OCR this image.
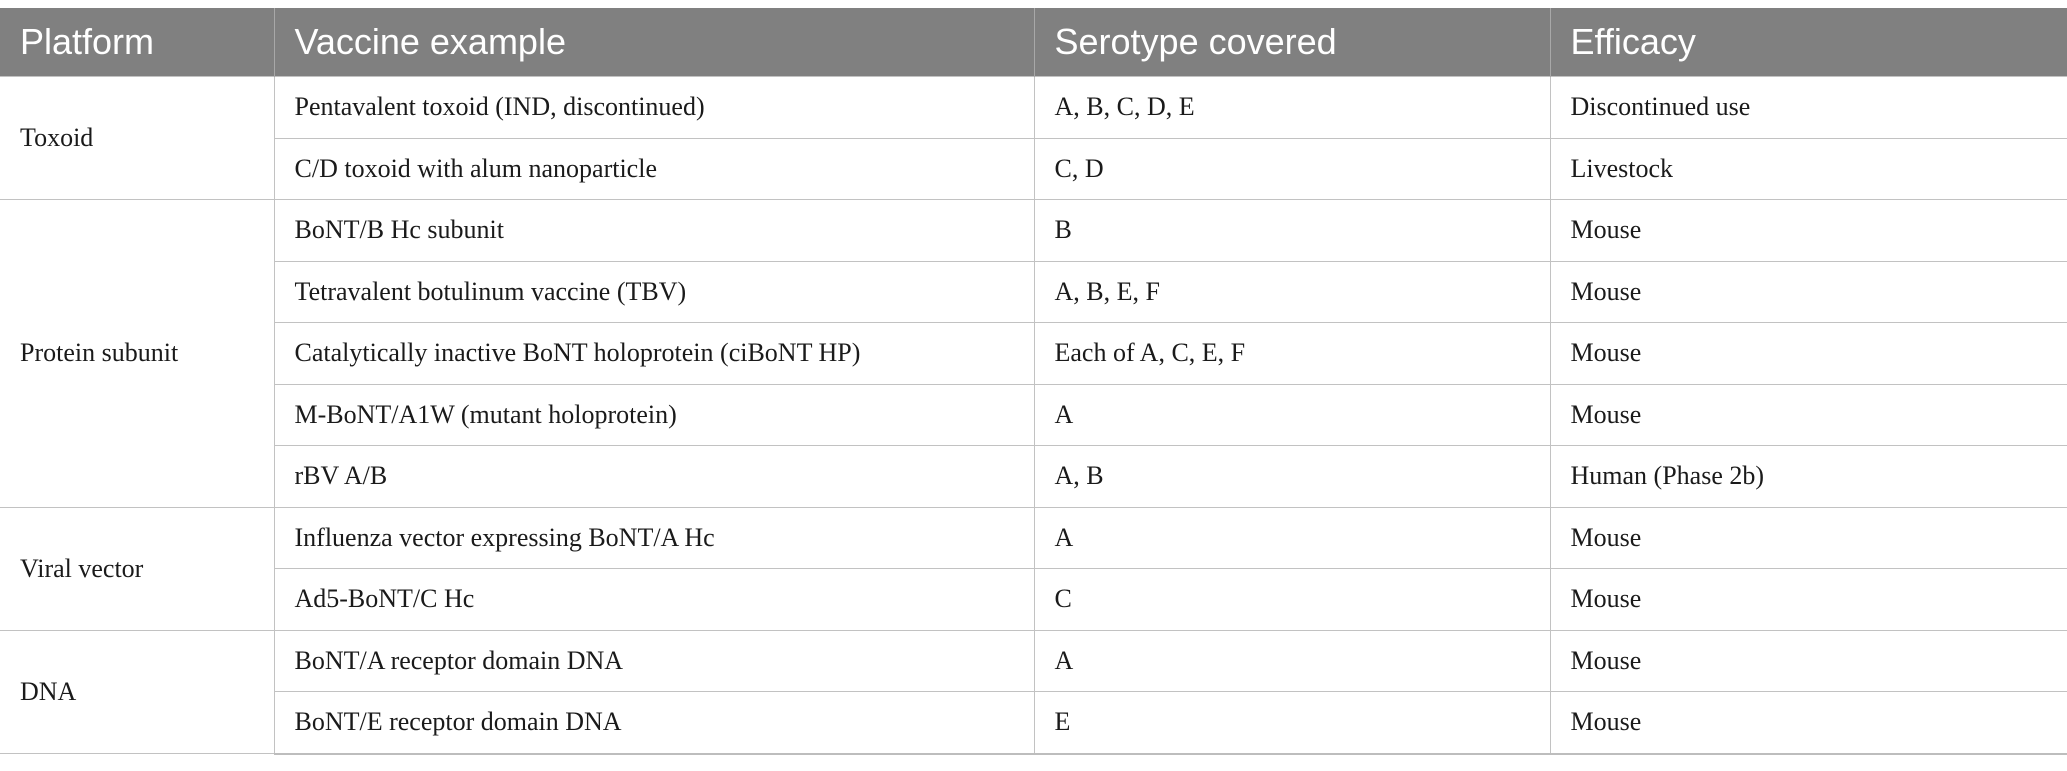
Platform	Vaccine example	Serotype covered	Efficacy
Toxoid	Pentavalent toxoid (IND, discontinued)	A, B, C, D, E	Discontinued use
	C/D toxoid with alum nanoparticle	C, D	Livestock
Protein subunit	BoNT/B Hc subunit	B	Mouse
	Tetravalent botulinum vaccine (TBV)	A, B, E, F	Mouse
	Catalytically inactive BoNT holoprotein (ciBoNT HP)	Each of A, C, E, F	Mouse
	M-BoNT/A1W (mutant holoprotein)	A	Mouse
	rBV A/B	A, B	Human (Phase 2b)
Viral vector	Influenza vector expressing BoNT/A Hc	A	Mouse
	Ad5-BoNT/C Hc	C	Mouse
DNA	BoNT/A receptor domain DNA	A	Mouse
	BoNT/E receptor domain DNA	E	Mouse
